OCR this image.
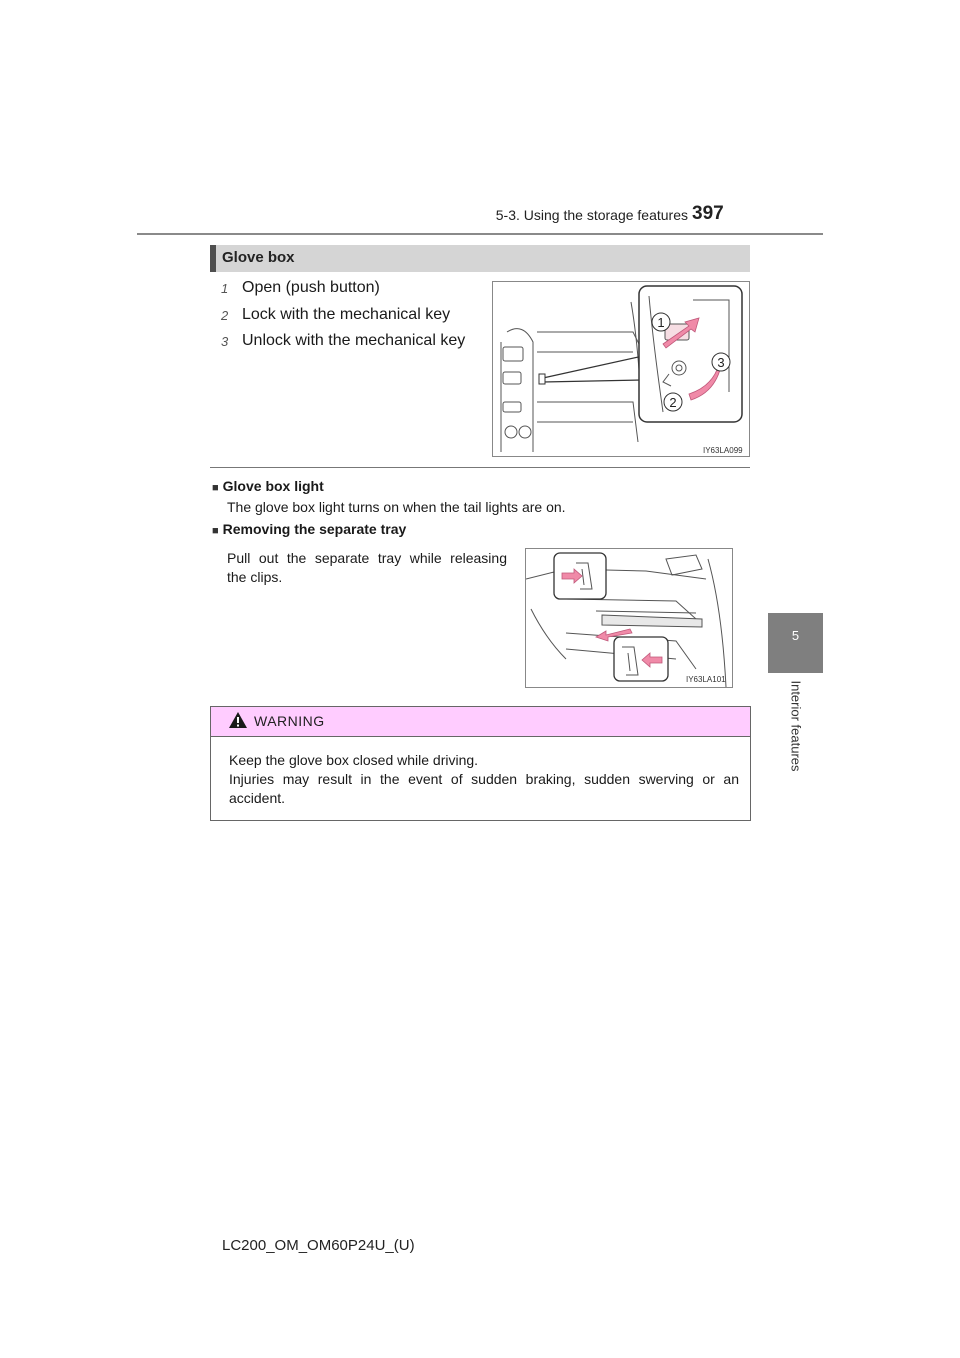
5-3. Using the storage features 397
5
Interior features
Glove box
1 Open (push button)
2 Lock with the mechanical key
3 Unlock with the mechanical key
1
3
2
IY63LA099
■ Glove box light
The glove box light turns on when the tail lights are on.
■ Removing the separate tray
Pull out the separate tray while releasing
the clips.
IY63LA101
WARNING
Keep the glove box closed while driving.
Injuries may result in the event of sudden braking, sudden swerving or an
accident.
LC200_OM_OM60P24U_(U)
